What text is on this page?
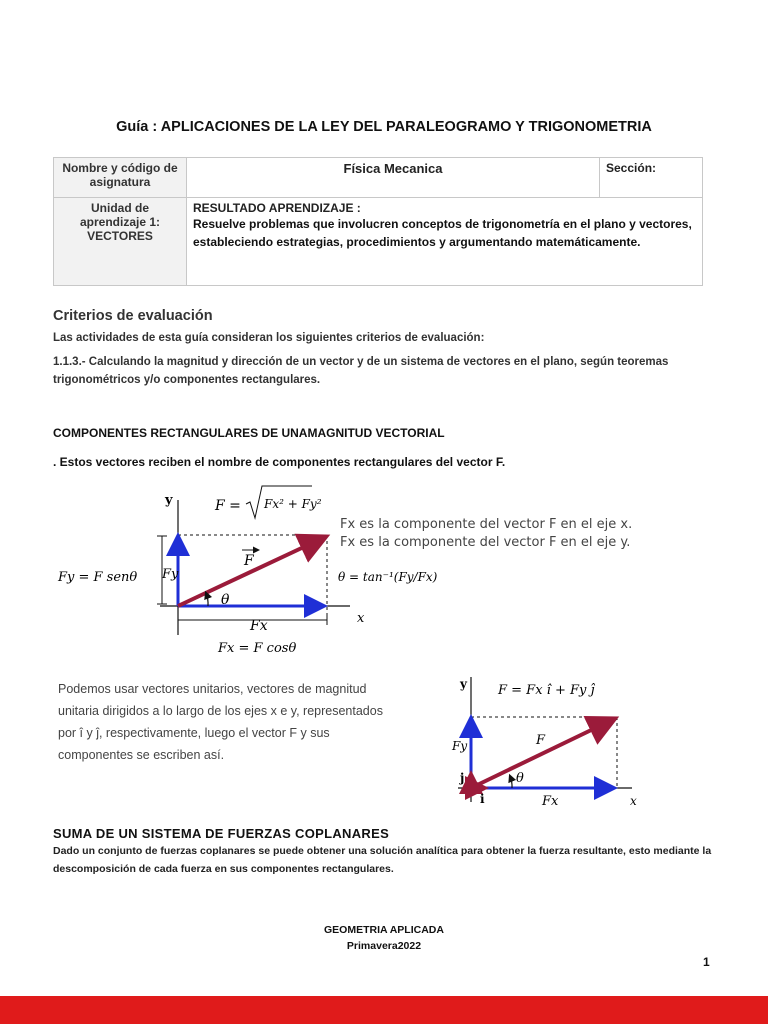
Guía : APLICACIONES DE LA LEY DEL PARALEOGRAMO Y TRIGONOMETRIA
Nombre y código de asignatura	Física Mecanica	Sección:
Unidad de aprendizaje 1: VECTORES	RESULTADO APRENDIZAJE :
Resuelve problemas que involucren conceptos de trigonometría en el plano y vectores, estableciendo estrategias, procedimientos y argumentando matemáticamente.	
Criterios de evaluación
Las actividades de esta guía consideran los siguientes criterios de evaluación:
1.1.3.- Calculando la magnitud y dirección de un vector y de un sistema de vectores en el plano, según teoremas trigonométricos y/o componentes rectangulares.
COMPONENTES RECTANGULARES DE UNAMAGNITUD VECTORIAL
. Estos vectores reciben el nombre de componentes rectangulares del vector F.
y
x
F = Fx² + Fy²
F
θ
Fy
Fx
Fy = F senθ
Fx = F cosθ
θ = tan⁻¹(Fy/Fx)
Fx es la componente del vector F en el eje x.
Fx es la componente del vector F en el eje y.
Podemos usar vectores unitarios, vectores de magnitud
unitaria dirigidos a lo largo de los ejes x e y, representados
por î y ĵ, respectivamente, luego el vector F y sus
componentes se escriben así.
y
x
F = Fx î + Fy ĵ
F
θ
Fy
Fx
j
i
SUMA DE UN SISTEMA DE FUERZAS COPLANARES
Dado un conjunto de fuerzas coplanares se puede obtener una solución analítica para obtener la fuerza resultante, esto mediante la descomposición de cada fuerza en sus componentes rectangulares.
GEOMETRIA APLICADA
Primavera2022
1
